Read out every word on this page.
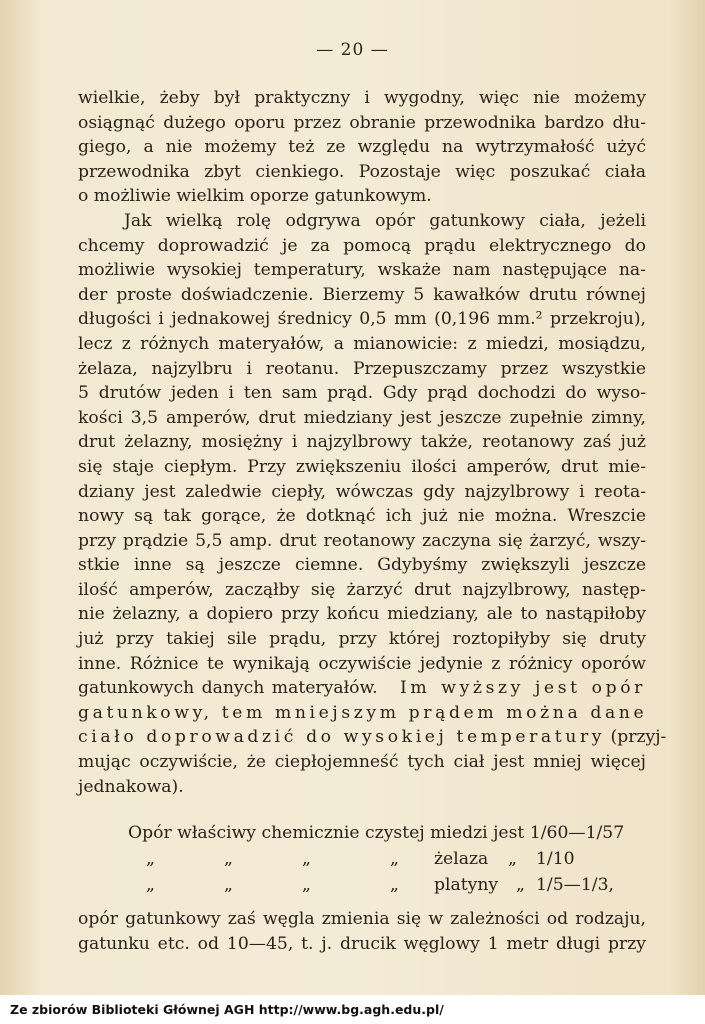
— 20 —
wielkie, żeby był praktyczny i wygodny, więc nie możemy
osiągnąć dużego oporu przez obranie przewodnika bardzo dłu-
giego, a nie możemy też ze względu na wytrzymałość użyć
przewodnika zbyt cienkiego. Pozostaje więc poszukać ciała
o możliwie wielkim oporze gatunkowym.
Jak wielką rolę odgrywa opór gatunkowy ciała, jeżeli
chcemy doprowadzić je za pomocą prądu elektrycznego do
możliwie wysokiej temperatury, wskaże nam następujące na-
der proste doświadczenie. Bierzemy 5 kawałków drutu równej
długości i jednakowej średnicy 0,5 mm (0,196 mm.² przekroju),
lecz z różnych materyałów, a mianowicie: z miedzi, mosiądzu,
żelaza, najzylbru i reotanu. Przepuszczamy przez wszystkie
5 drutów jeden i ten sam prąd. Gdy prąd dochodzi do wyso-
kości 3,5 amperów, drut miedziany jest jeszcze zupełnie zimny,
drut żelazny, mosiężny i najzylbrowy także, reotanowy zaś już
się staje ciepłym. Przy zwiększeniu ilości amperów, drut mie-
dziany jest zaledwie ciepły, wówczas gdy najzylbrowy i reota-
nowy są tak gorące, że dotknąć ich już nie można. Wreszcie
przy prądzie 5,5 amp. drut reotanowy zaczyna się żarzyć, wszy-
stkie inne są jeszcze ciemne. Gdybyśmy zwiększyli jeszcze
ilość amperów, zacząłby się żarzyć drut najzylbrowy, następ-
nie żelazny, a dopiero przy końcu miedziany, ale to nastąpiłoby
już przy takiej sile prądu, przy której roztopiłyby się druty
inne. Różnice te wynikają oczywiście jedynie z różnicy oporów
gatunkowych danych materyałów. Im wyższy jest opór
gatunkowy, tem mniejszym prądem można dane
ciało doprowadzić do wysokiej temperatury (przyj-
mując oczywiście, że ciepłojemneść tych ciał jest mniej więcej
jednakowa).
Opór właściwy chemicznie czystej miedzi jest 1/60—1/57
„	„	„	„	żelaza	„	1/10
„	„	„	„	platyny	„ 1/5—1/3,
opór gatunkowy zaś węgla zmienia się w zależności od rodzaju,
gatunku etc. od 10—45, t. j. drucik węglowy 1 metr długi przy
Ze zbiorów Biblioteki Głównej AGH http://www.bg.agh.edu.pl/
